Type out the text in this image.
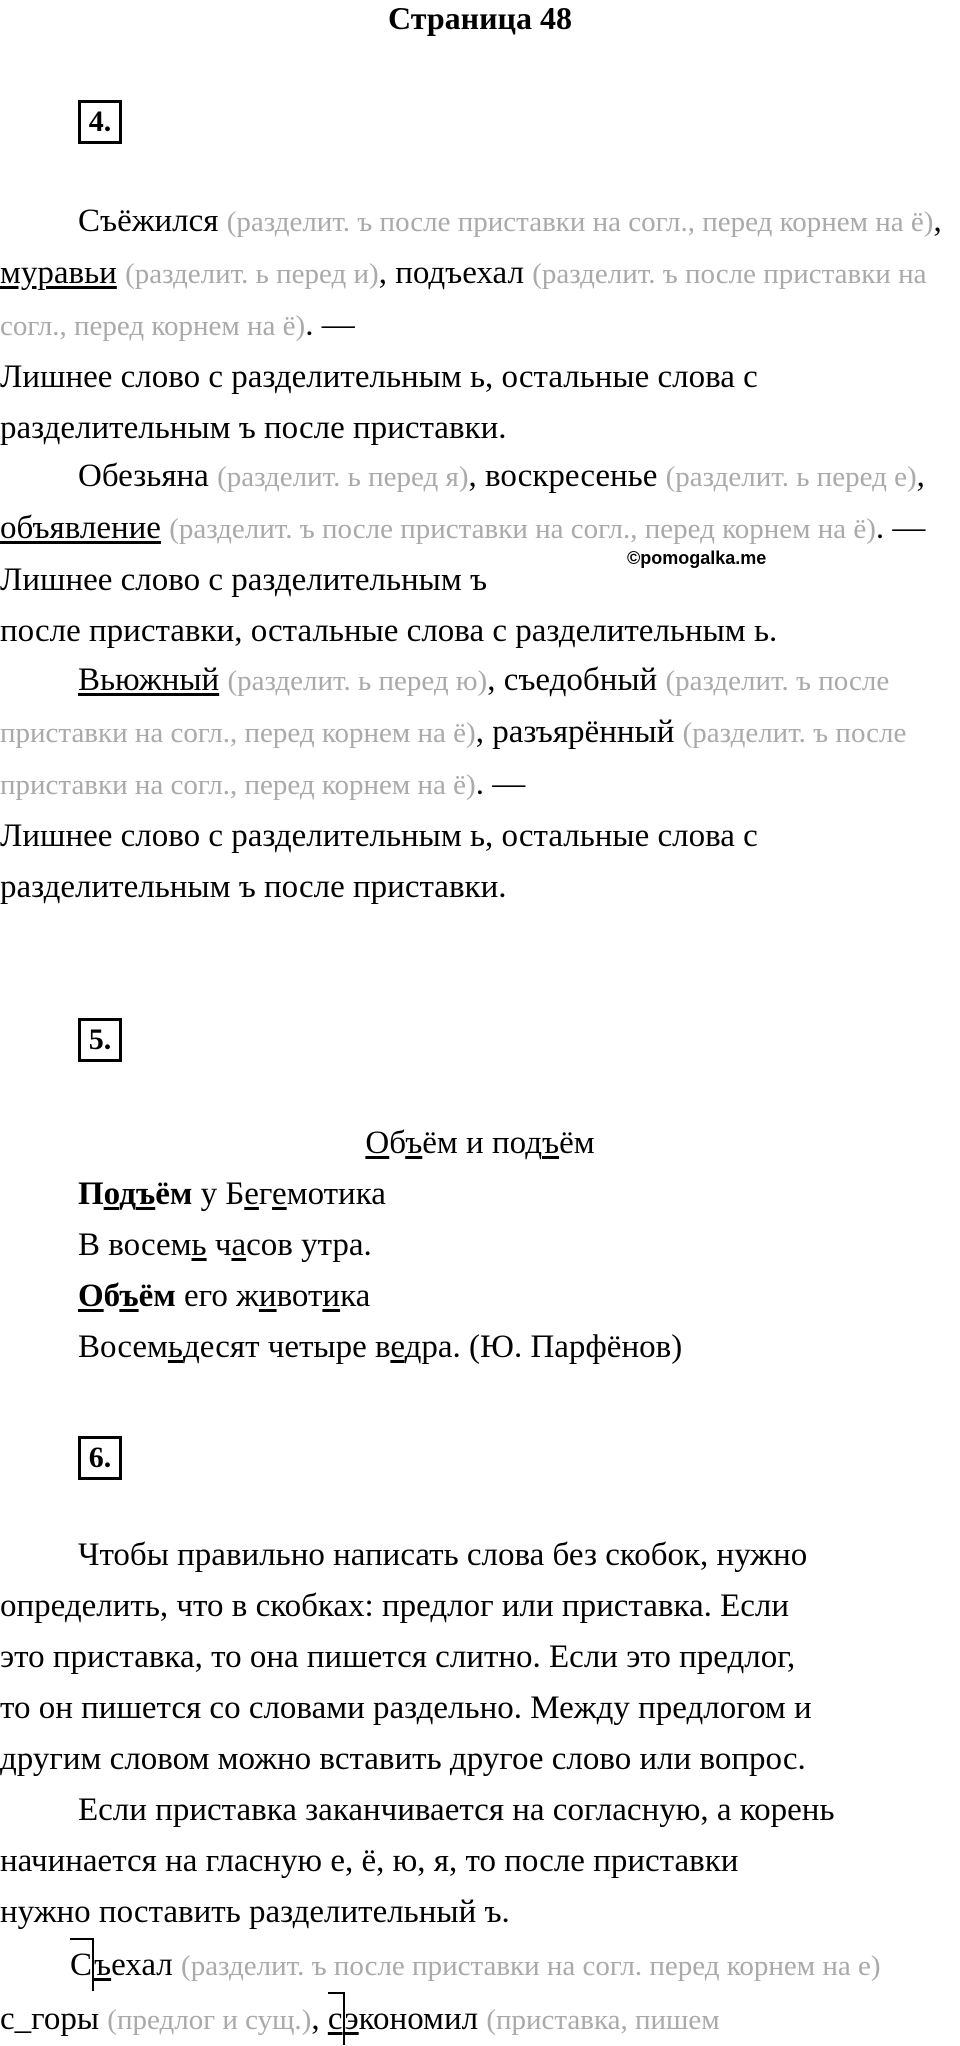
Страница 48
4.
Съёжился (разделит. ъ после приставки на согл., перед корнем на ё), муравьи (разделит. ь перед и), подъехал (разделит. ъ после приставки на согл., перед корнем на ё). —
Лишнее слово с разделительным ь, остальные слова с
разделительным ъ после приставки.
Обезьяна (разделит. ь перед я), воскресенье (разделит. ь перед е), объявление (разделит. ъ после приставки на согл., перед корнем на ё). — Лишнее слово с разделительным ъ
после приставки, остальные слова с разделительным ь.
©pomogalka.me
Вьюжный (разделит. ь перед ю), съедобный (разделит. ъ после приставки на согл., перед корнем на ё), разъярённый (разделит. ъ после приставки на согл., перед корнем на ё). —
Лишнее слово с разделительным ь, остальные слова с
разделительным ъ после приставки.
5.
Объём и подъём
Подъём у Бегемотика
В восемь часов утра.
Объём его животика
Восемьдесят четыре ведра. (Ю. Парфёнов)
6.
Чтобы правильно написать слова без скобок, нужно
определить, что в скобках: предлог или приставка. Если
это приставка, то она пишется слитно. Если это предлог,
то он пишется со словами раздельно. Между предлогом и
другим словом можно вставить другое слово или вопрос.
Если приставка заканчивается на согласную, а корень
начинается на гласную е, ё, ю, я, то после приставки
нужно поставить разделительный ъ.
Съехал (разделит. ъ после приставки на согл. перед корнем на е) с_горы (предлог и сущ.), сэкономил (приставка, пишем
